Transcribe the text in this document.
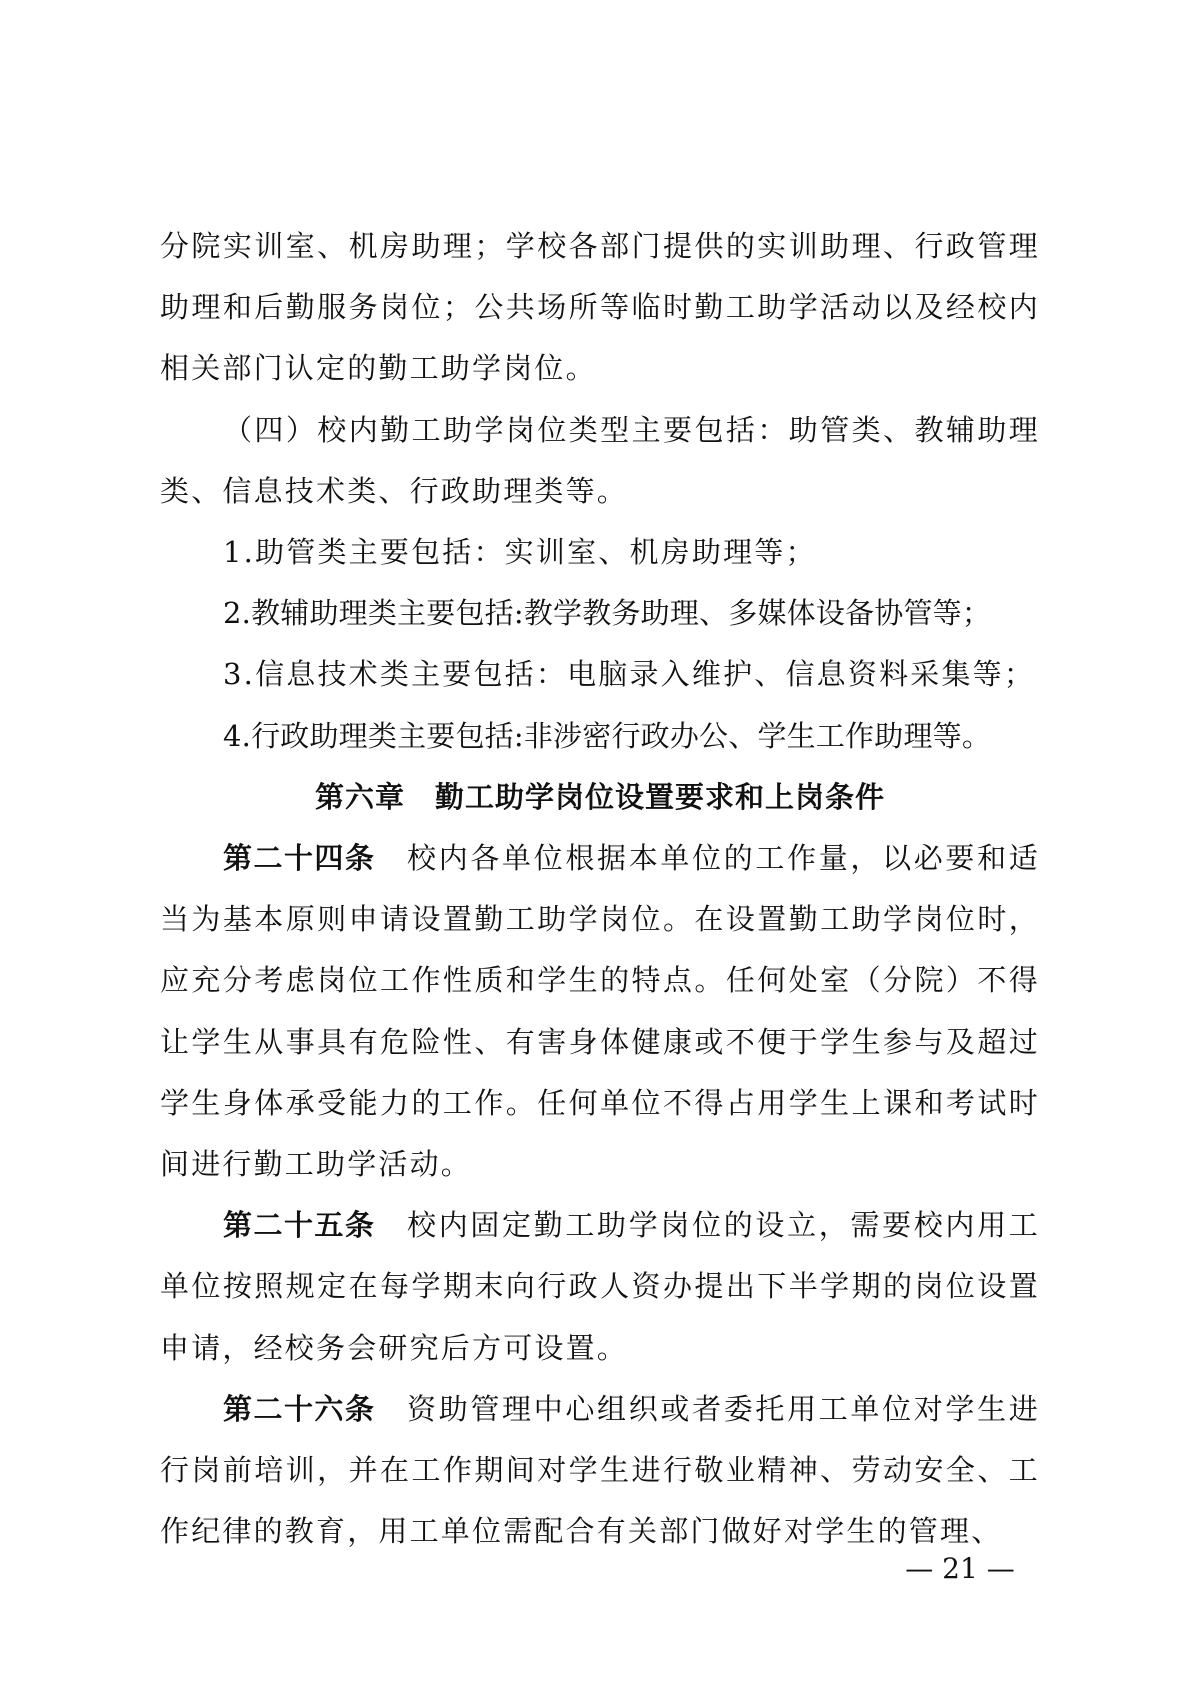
分院实训室、机房助理；学校各部门提供的实训助理、行政管理助理和后勤服务岗位；公共场所等临时勤工助学活动以及经校内相关部门认定的勤工助学岗位。

（四）校内勤工助学岗位类型主要包括：助管类、教辅助理类、信息技术类、行政助理类等。

1.助管类主要包括：实训室、机房助理等；

2.教辅助理类主要包括:教学教务助理、多媒体设备协管等；

3.信息技术类主要包括：电脑录入维护、信息资料采集等；

4.行政助理类主要包括:非涉密行政办公、学生工作助理等。

第六章　勤工助学岗位设置要求和上岗条件

第二十四条　 校内各单位根据本单位的工作量，以必要和适当为基本原则申请设置勤工助学岗位。在设置勤工助学岗位时，应充分考虑岗位工作性质和学生的特点。任何处室（分院）不得让学生从事具有危险性、有害身体健康或不便于学生参与及超过学生身体承受能力的工作。任何单位不得占用学生上课和考试时间进行勤工助学活动。

第二十五条　 校内固定勤工助学岗位的设立，需要校内用工单位按照规定在每学期末向行政人资办提出下半学期的岗位设置申请，经校务会研究后方可设置。

第二十六条　 资助管理中心组织或者委托用工单位对学生进行岗前培训，并在工作期间对学生进行敬业精神、劳动安全、工作纪律的教育，用工单位需配合有关部门做好对学生的管理、

— 21 —
